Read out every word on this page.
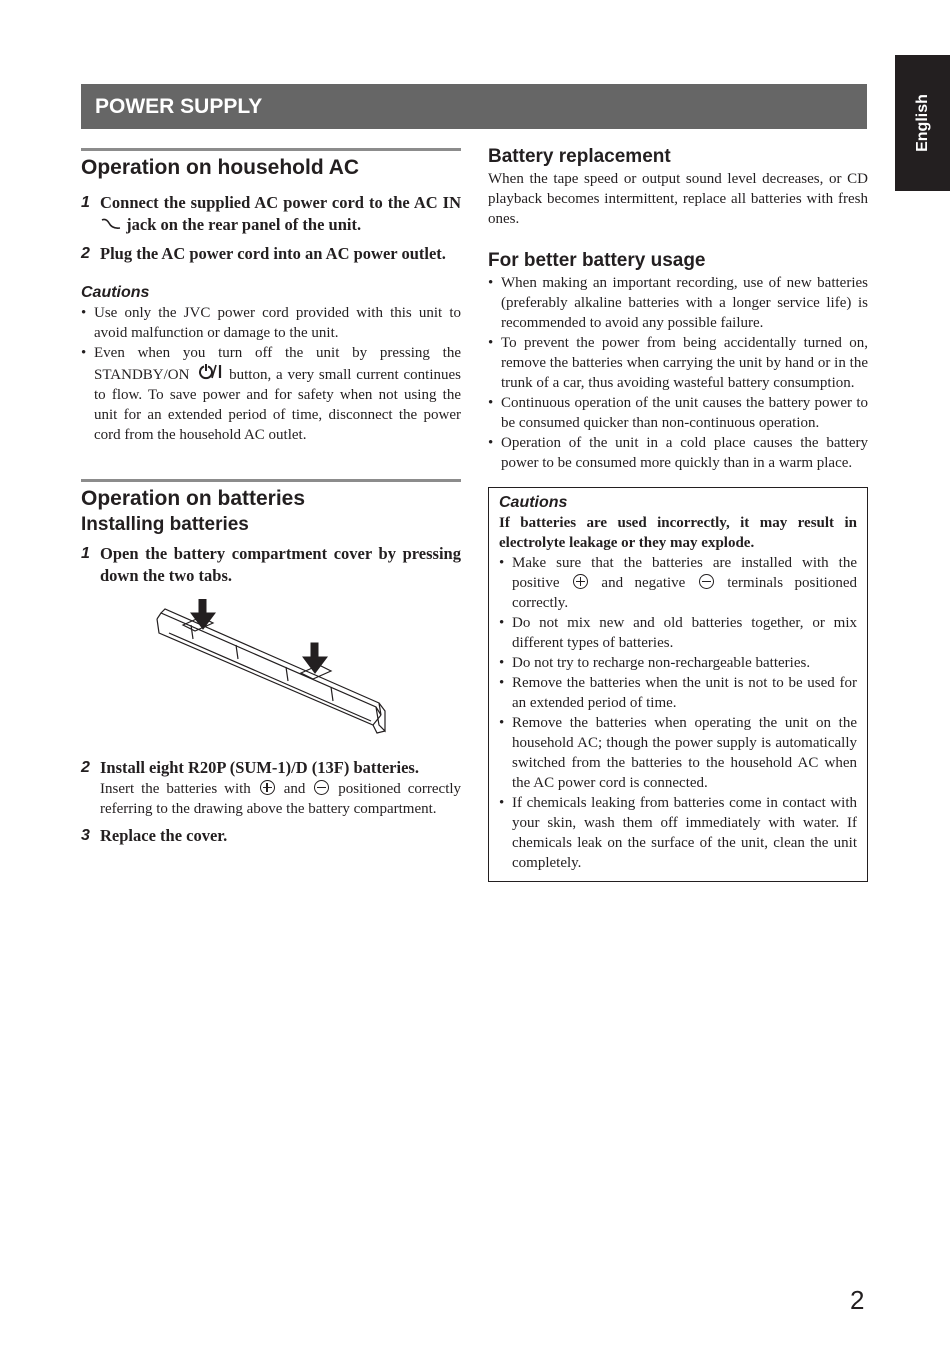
POWER SUPPLY	English
Operation on household AC
1 Connect the supplied AC power cord to the AC IN  jack on the rear panel of the unit.
2 Plug the AC power cord into an AC power outlet.
Cautions
• Use only the JVC power cord provided with this unit to avoid malfunction or damage to the unit.
• Even when you turn off the unit by pressing the STANDBY/ON	button, a very small current continues to flow. To save power and for safety when not using the unit for an extended period of time, disconnect the power cord from the household AC outlet.
Operation on batteries
Installing batteries
1 Open the battery compartment cover by pressing down the two tabs.
2 Install eight R20P (SUM-1)/D (13F) batteries.
Insert the batteries with and positioned correctly referring to the drawing above the battery compartment.
3 Replace the cover.
Battery replacement

When the tape speed or output sound level decreases, or CD playback becomes intermittent, replace all batteries with fresh ones.

For better battery usage
• When making an important recording, use of new batteries (preferably alkaline batteries with a longer service life) is recommended to avoid any possible failure.
• To prevent the power from being accidentally turned on, remove the batteries when carrying the unit by hand or in the trunk of a car, thus avoiding wasteful battery consumption.
• Continuous operation of the unit causes the battery power to be consumed quicker than non-continuous operation.
• Operation of the unit in a cold place causes the battery power to be consumed more quickly than in a warm place.
Cautions

If batteries are used incorrectly, it may result in electrolyte leakage or they may explode.

• Make sure that the batteries are installed with the positive	and negative	terminals positioned correctly.
• Do not mix new and old batteries together, or mix different types of batteries.
• Do not try to recharge non-rechargeable batteries.
• Remove the batteries when the unit is not to be used for an extended period of time.
• Remove the batteries when operating the unit on the household AC; though the power supply is automatically switched from the batteries to the household AC when the AC power cord is connected.
• If chemicals leaking from batteries come in contact with your skin, wash them off immediately with water. If chemicals leak on the surface of the unit, clean the unit completely.
2
